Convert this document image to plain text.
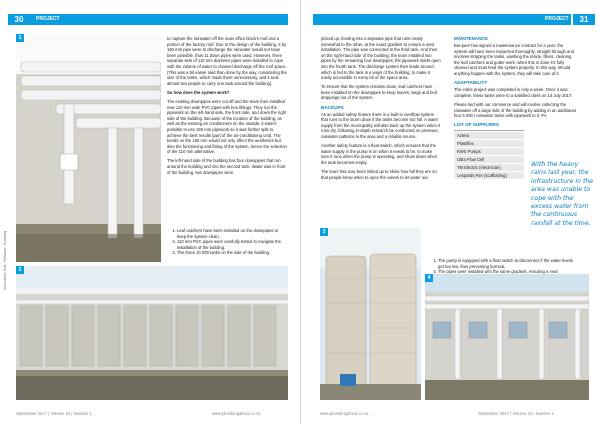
30	PROJECT
1
Innovation Hub, Tshwane, Gauteng

to capture the rainwater off the main office block's roof and a portion of the factory roof. Due to the design of the building, 6 by 160 mm pipe were to discharge the rainwater would not have been possible, thus 11 down pipes were used. However, three separate sets of 110 mm diameter pipes were installed to cope with the volume of water to channel discharge off the roof space. (This was a bit easier said than done by the way, considering the size of the tanks, which made them unnecessary, and it took almost two people to carry one tank around the building).

So how does the system work?

The existing downpipes were cut off and the team then installed new 110 mm wide PVC pipes with box fittings. They run the pipework on the left-hand side, the front side, and down the right side of the building. Because of the location of the building, as well as the existing air conditioners on the outside, it wasn't possible to use 160 mm pipework so it was further split to achieve the best results (part of the air-conditioning unit). The bends on the 160 mm would not only affect the aesthetics but also the functioning and fitting of the system, hence the selection of the 110 mm alternative.

The left-hand side of the building has four downpipes that run around the building and into the second tank. Water was in front of the building, two downpipes were

1. Leaf catchers have been installed on the downpipes to keep the system clean.
2. 110 mm PVC pipes were carefully tested to navigate the installation of the building.
3. The three 10 000 tanks on the side of the building.
2
September 2017 | Volume 23 | Number 1	www.plumbingafrica.co.za
31
PROJECT

picked up, feeding into a separate pipe that runs neatly somewhat to the other, at the exact gradient to ensure a neat installation. The pipe was connected to the third tank. And then on the right-hand side of the building, the team installed two pipes by the remaining four downpipes; the pipework starts open into the fourth tank. The discharge system then leads around, which is fed to the tank in a ways of the building, to make it easily accessible in every bit of the space area.

To ensure that the system remains clean, leaf catchers have been installed on the downpipes to keep leaves, twigs and bird droppings out of the system.

BACKUPS

As an added safety feature there is a built-in overflow system that runs to the storm drain if the tanks become too full. A water supply from the municipality will also back up the system when it runs dry, following in-depth research be conducted on pressure, rainwater patterns in the area and a reliable source.

Another safety feature is a float switch, which ensures that the water supply in the pump is on when it needs to be, to make sure it runs when the pump is operating, and shuts down when the tank becomes empty.

The team has now been linked up to show how full they are so that people know when to open the valves to let water out.

MAINTENANCE

But-peer has signed a maintenance contract for a year; the system will have been inspected thoroughly, straight through and involves stripping the tanks, washing the inside, filters, cleaning the leaf catchers and gutter work; when this is done it's fully cleaned and must feed the system properly. In this way, should anything happen with the system, they will take care of it.

ADAPTABILITY

The entire project was completed in only a week. Once it was complete, these tanks were to a satisfied client on 14 July 2017.

Please tied with our commerce and will involve collecting the rainwater off a large side of the building by adding in an additional four 5 000 l rainwater tanks with pipework to it. PA

LIST OF SUPPLIERS
Aztera
Plastiflex
KWS Pumps
Ultra Flow Cell
TM Electric (electrician)
Leopards Fire (scaffolding)
With the heavy rains last year, the infrastructure in the area was unable to cope with the excess water from the continuous rainfall at the time.
3
1. The pump is equipped with a float switch to disconnect if the water levels get too low, thus preventing burnout.
2. The pipes were installed with the same gradient, ensuring a neat
4
www.plumbingafrica.co.za	September 2017 | Volume 23 | Number 1
